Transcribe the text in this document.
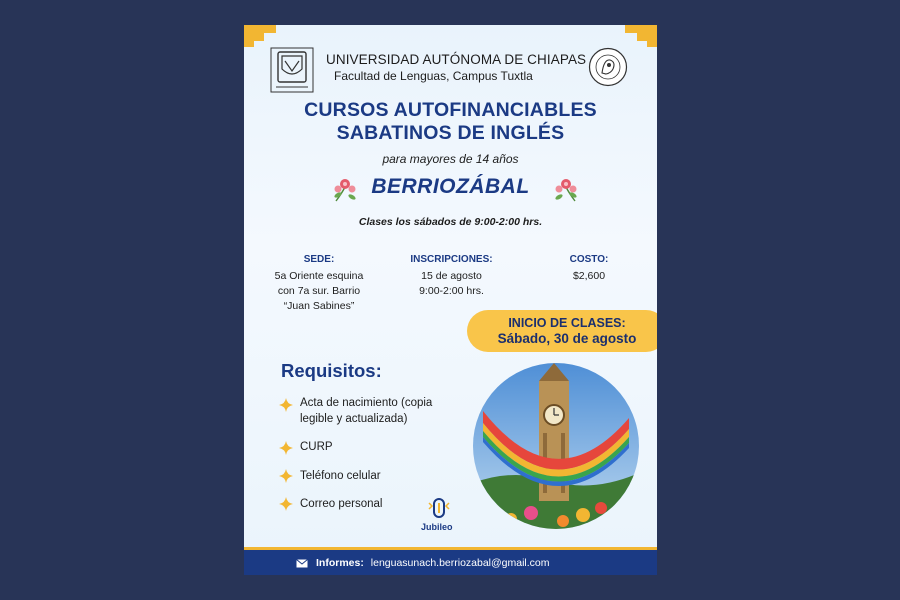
UNIVERSIDAD AUTÓNOMA DE CHIAPAS
Facultad de Lenguas, Campus Tuxtla
CURSOS AUTOFINANCIABLES
SABATINOS DE INGLÉS
para mayores de 14 años
BERRIOZÁBAL
Clases los sábados de 9:00-2:00 hrs.
SEDE:
5a Oriente esquina
con 7a sur. Barrio
“Juan Sabines”
INSCRIPCIONES:
15 de agosto
9:00-2:00 hrs.
COSTO:
$2,600
INICIO DE CLASES:
Sábado, 30 de agosto
Requisitos:
Acta de nacimiento (copia
legible y actualizada)
CURP
Teléfono celular
Correo personal
Jubileo
Informes: lenguasunach.berriozabal@gmail.com
